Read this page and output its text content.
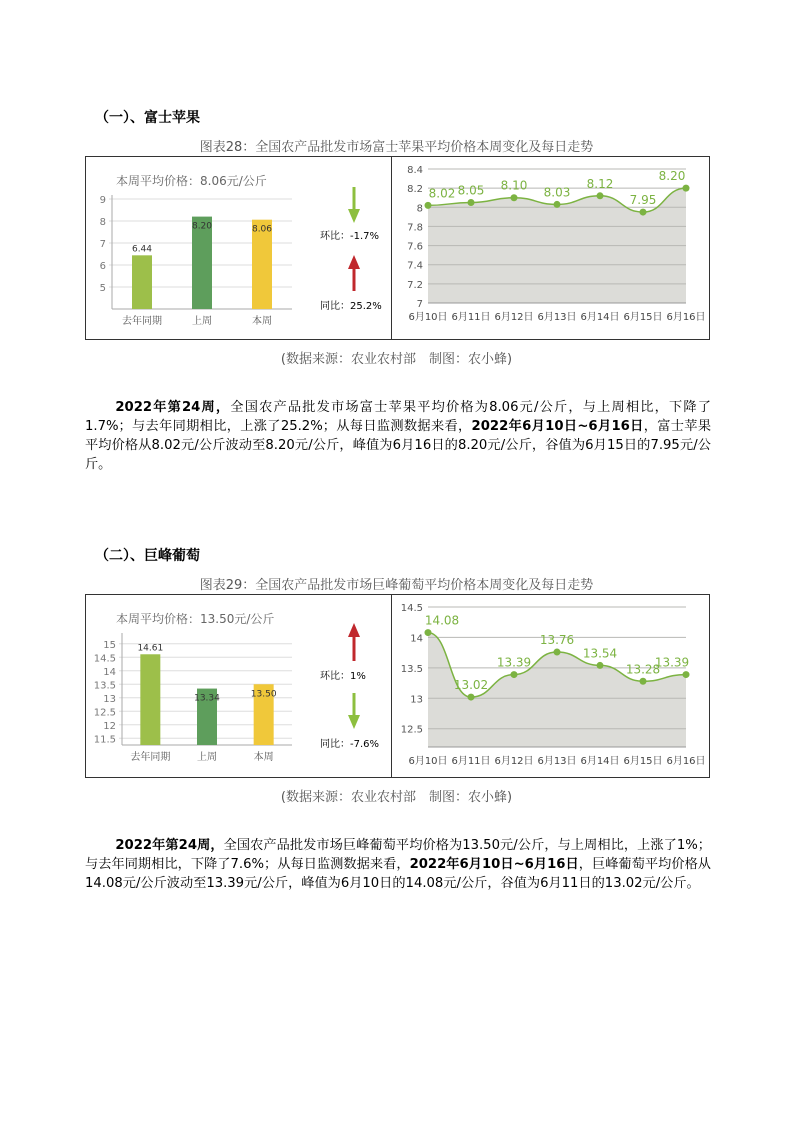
（一）、富士苹果
图表28：全国农产品批发市场富士苹果平均价格本周变化及每日走势
本周平均价格：8.06元/公斤
环比：-1.7%
同比：25.2%
5
6
7
8
9
6.44
去年同期
8.20
上周
8.06
本周
7
7.2
7.4
7.6
7.8
8
8.2
8.4
8.02
6月10日
8.05
6月11日
8.10
6月12日
8.03
6月13日
8.12
6月14日
7.95
6月15日
8.20
6月16日
(数据来源：农业农村部　制图：农小蜂)
2022年第24周，全国农产品批发市场富士苹果平均价格为8.06元/公斤，与上周相比，下降了1.7%；与去年同期相比，上涨了25.2%；从每日监测数据来看，2022年6月10日~6月16日，富士苹果平均价格从8.02元/公斤波动至8.20元/公斤，峰值为6月16日的8.20元/公斤，谷值为6月15日的7.95元/公斤。
（二）、巨峰葡萄
图表29：全国农产品批发市场巨峰葡萄平均价格本周变化及每日走势
本周平均价格：13.50元/公斤
环比：1%
同比：-7.6%
11.5
12
12.5
13
13.5
14
14.5
15 14.61
去年同期
13.34
上周
13.50
本周
12.5
13
13.5
14
14.5
14.08
6月10日
13.02
6月11日
13.39
6月12日
13.76
6月13日
13.54
6月14日
13.28
6月15日
13.39
6月16日
(数据来源：农业农村部　制图：农小蜂)
2022年第24周，全国农产品批发市场巨峰葡萄平均价格为13.50元/公斤，与上周相比，上涨了1%；与去年同期相比，下降了7.6%；从每日监测数据来看，2022年6月10日~6月16日，巨峰葡萄平均价格从14.08元/公斤波动至13.39元/公斤，峰值为6月10日的14.08元/公斤，谷值为6月11日的13.02元/公斤。
